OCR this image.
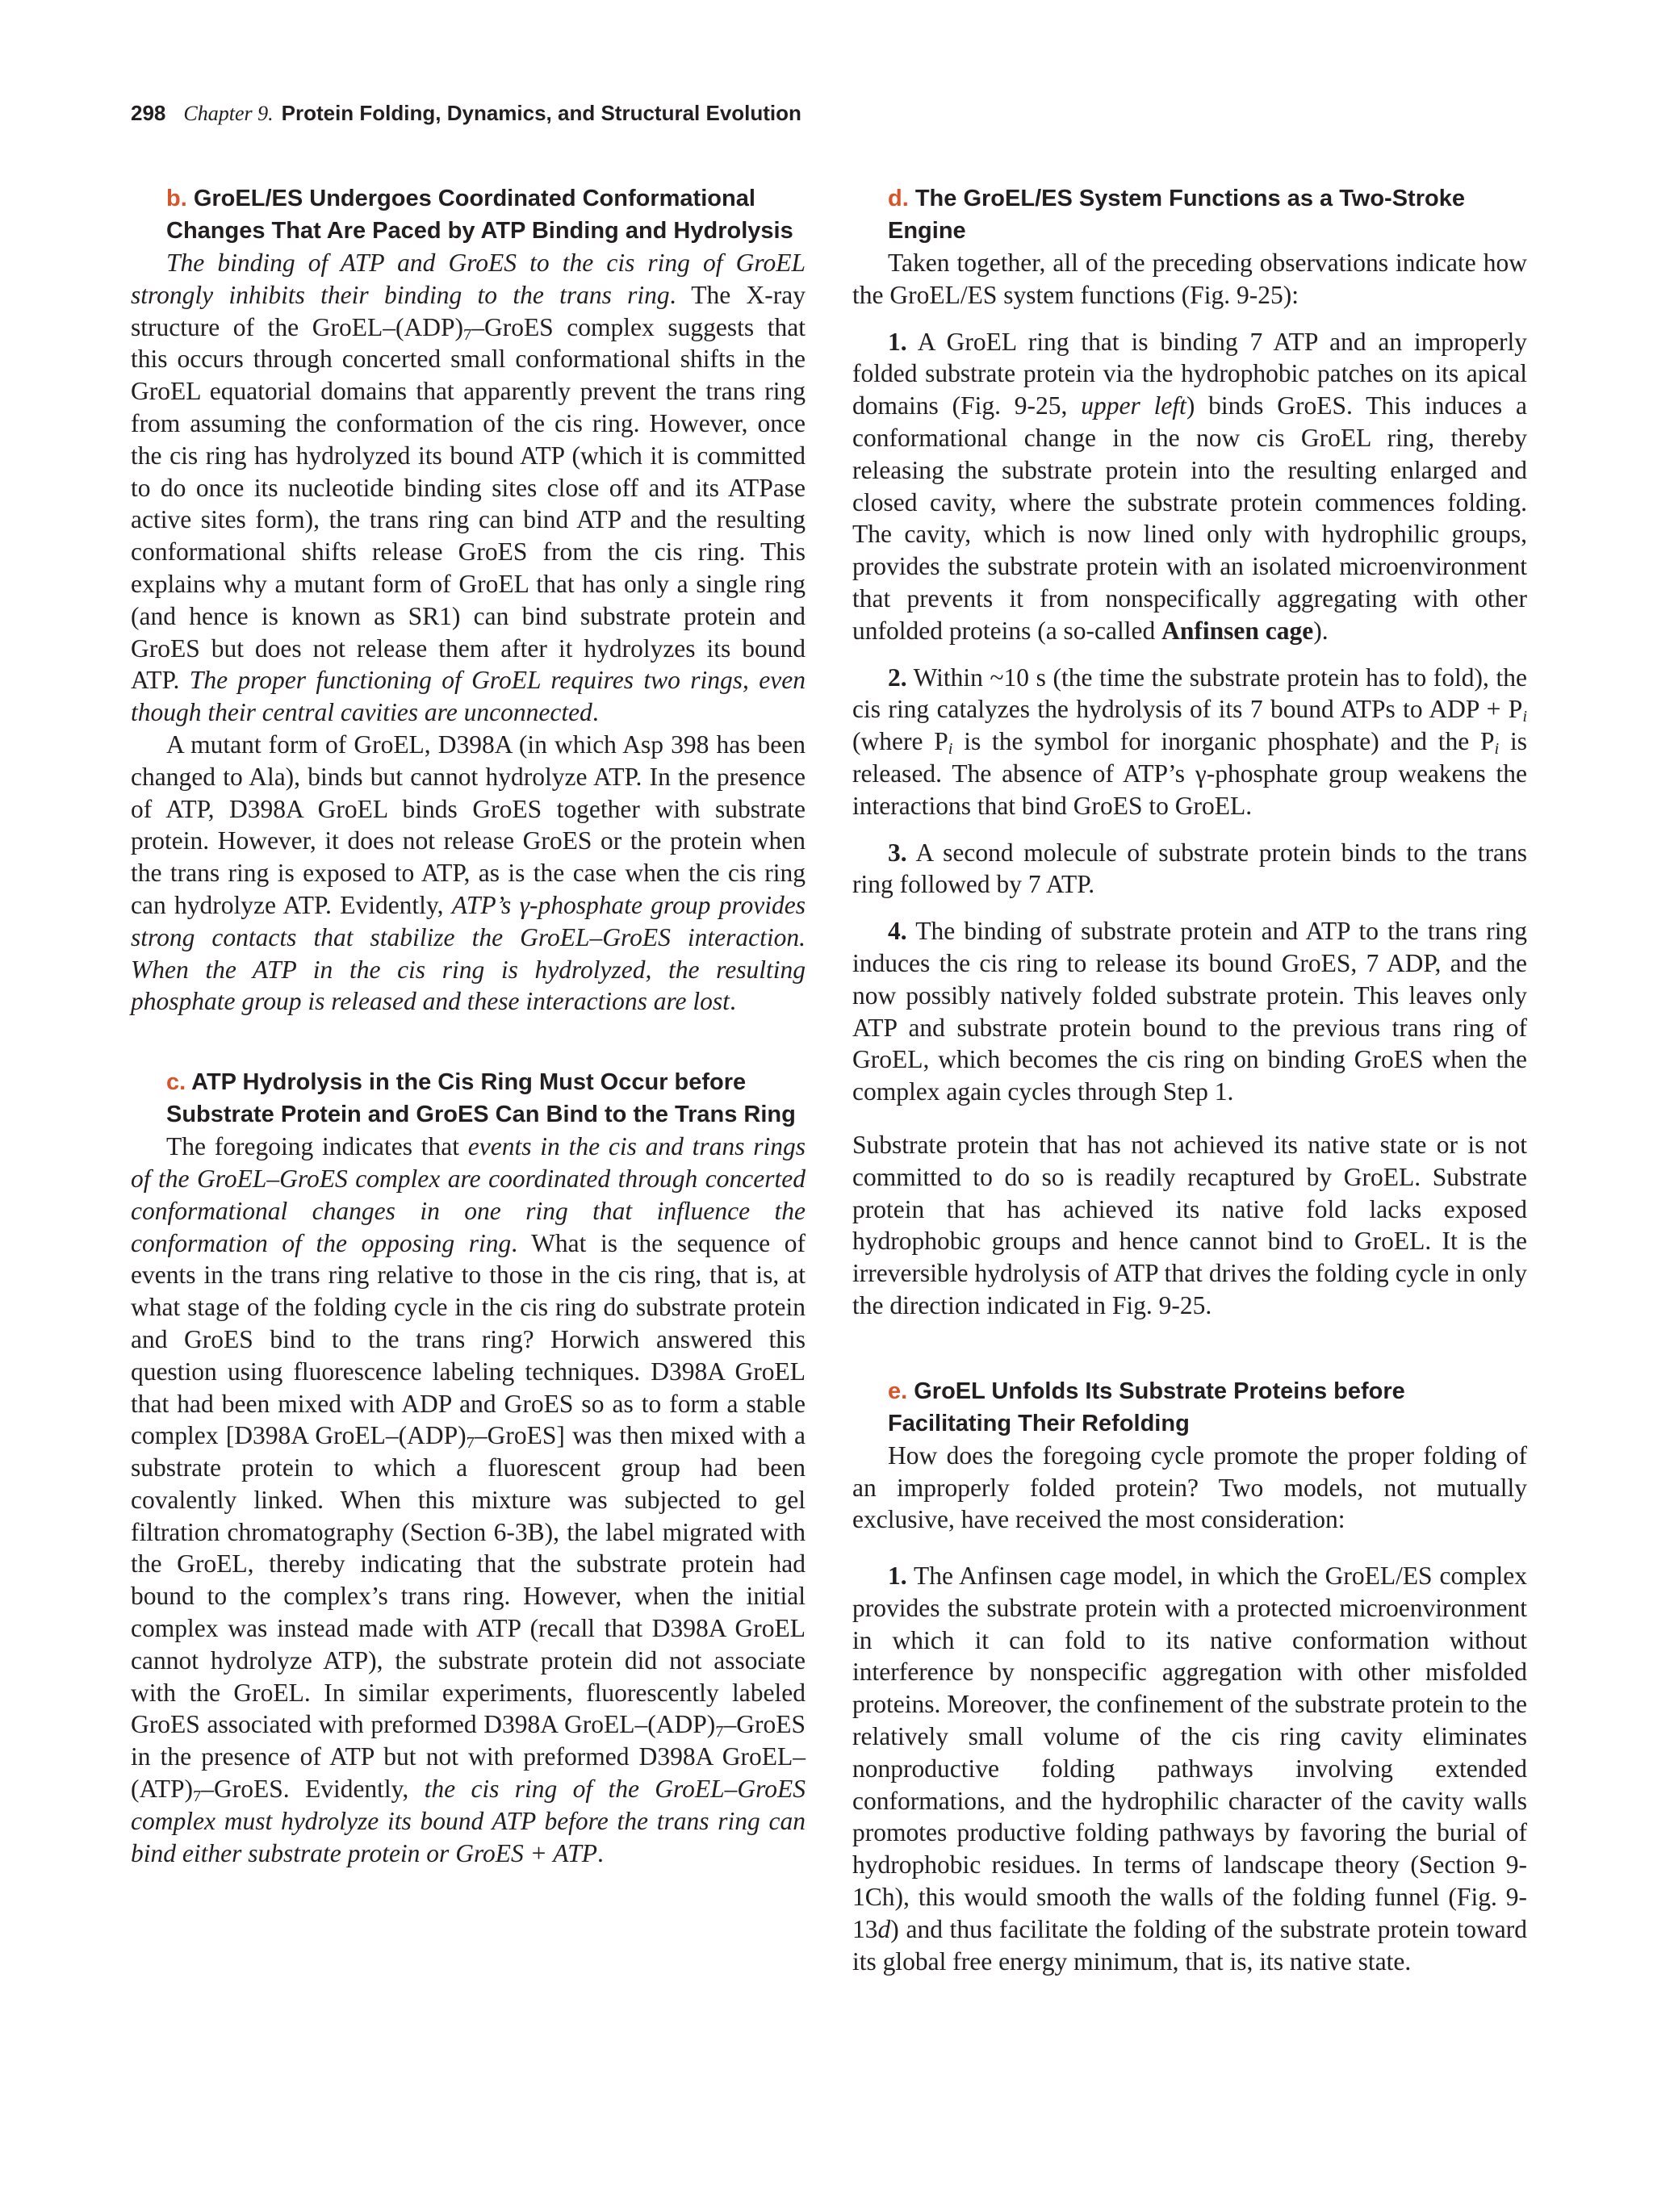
298 Chapter 9. Protein Folding, Dynamics, and Structural Evolution
b. GroEL/ES Undergoes Coordinated Conformational Changes That Are Paced by ATP Binding and Hydrolysis

The binding of ATP and GroES to the cis ring of GroEL strongly inhibits their binding to the trans ring. The X-ray structure of the GroEL–$(ADP)_7$–GroES complex suggests that this occurs through concerted small conformational shifts in the GroEL equatorial domains that apparently prevent the trans ring from assuming the conformation of the cis ring. However, once the cis ring has hydrolyzed its bound ATP (which it is committed to do once its nucleotide binding sites close off and its ATPase active sites form), the trans ring can bind ATP and the resulting conformational shifts release GroES from the cis ring. This explains why a mutant form of GroEL that has only a single ring (and hence is known as SR1) can bind substrate protein and GroES but does not release them after it hydrolyzes its bound ATP. The proper functioning of GroEL requires two rings, even though their central cavities are unconnected.

A mutant form of GroEL, D398A (in which Asp 398 has been changed to Ala), binds but cannot hydrolyze ATP. In the presence of ATP, D398A GroEL binds GroES together with substrate protein. However, it does not release GroES or the protein when the trans ring is exposed to ATP, as is the case when the cis ring can hydrolyze ATP. Evidently, ATP’s γ-phosphate group provides strong contacts that stabilize the GroEL–GroES interaction. When the ATP in the cis ring is hydrolyzed, the resulting phosphate group is released and these interactions are lost.

c. ATP Hydrolysis in the Cis Ring Must Occur before Substrate Protein and GroES Can Bind to the Trans Ring

The foregoing indicates that events in the cis and trans rings of the GroEL–GroES complex are coordinated through concerted conformational changes in one ring that influence the conformation of the opposing ring. What is the sequence of events in the trans ring relative to those in the cis ring, that is, at what stage of the folding cycle in the cis ring do substrate protein and GroES bind to the trans ring? Horwich answered this question using fluorescence labeling techniques. D398A GroEL that had been mixed with ADP and GroES so as to form a stable complex [D398A GroEL–$(ADP)_7-GroES$] was then mixed with a substrate protein to which a fluorescent group had been covalently linked. When this mixture was subjected to gel filtration chromatography (Section 6-3B), the label migrated with the GroEL, thereby indicating that the substrate protein had bound to the complex’s trans ring. However, when the initial complex was instead made with ATP (recall that D398A GroEL cannot hydrolyze ATP), the substrate protein did not associate with the GroEL. In similar experiments, fluorescently labeled GroES associated with preformed D398A GroEL–$(ADP)_7$–GroES in the presence of ATP but not with preformed D398A GroEL–$(ATP)_7$–GroES. Evidently, the cis ring of the GroEL–GroES complex must hydrolyze its bound ATP before the trans ring can bind either substrate protein or GroES + ATP.

d. The GroEL/ES System Functions as a Two-Stroke Engine

Taken together, all of the preceding observations indicate how the GroEL/ES system functions (Fig. 9-25):

1. A GroEL ring that is binding 7 ATP and an improperly folded substrate protein via the hydrophobic patches on its apical domains (Fig. 9-25, upper left) binds GroES. This induces a conformational change in the now cis GroEL ring, thereby releasing the substrate protein into the resulting enlarged and closed cavity, where the substrate protein commences folding. The cavity, which is now lined only with hydrophilic groups, provides the substrate protein with an isolated microenvironment that prevents it from nonspecifically aggregating with other unfolded proteins (a so-called Anfinsen cage).

2. Within ~10 s (the time the substrate protein has to fold), the cis ring catalyzes the hydrolysis of its 7 bound ATPs to ADP + $P_i$ (where $P_i$ is the symbol for inorganic phosphate) and the $P_i$ is released. The absence of ATP’s γ-phosphate group weakens the interactions that bind GroES to GroEL.

3. A second molecule of substrate protein binds to the trans ring followed by 7 ATP.

4. The binding of substrate protein and ATP to the trans ring induces the cis ring to release its bound GroES, 7 ADP, and the now possibly natively folded substrate protein. This leaves only ATP and substrate protein bound to the previous trans ring of GroEL, which becomes the cis ring on binding GroES when the complex again cycles through Step 1.

Substrate protein that has not achieved its native state or is not committed to do so is readily recaptured by GroEL. Substrate protein that has achieved its native fold lacks exposed hydrophobic groups and hence cannot bind to GroEL. It is the irreversible hydrolysis of ATP that drives the folding cycle in only the direction indicated in Fig. 9-25.

e. GroEL Unfolds Its Substrate Proteins before Facilitating Their Refolding

How does the foregoing cycle promote the proper folding of an improperly folded protein? Two models, not mutually exclusive, have received the most consideration:

1. The Anfinsen cage model, in which the GroEL/ES complex provides the substrate protein with a protected microenvironment in which it can fold to its native conformation without interference by nonspecific aggregation with other misfolded proteins. Moreover, the confinement of the substrate protein to the relatively small volume of the cis ring cavity eliminates nonproductive folding pathways involving extended conformations, and the hydrophilic character of the cavity walls promotes productive folding pathways by favoring the burial of hydrophobic residues. In terms of landscape theory (Section 9-1Ch), this would smooth the walls of the folding funnel (Fig. 9-13d) and thus facilitate the folding of the substrate protein toward its global free energy minimum, that is, its native state.
